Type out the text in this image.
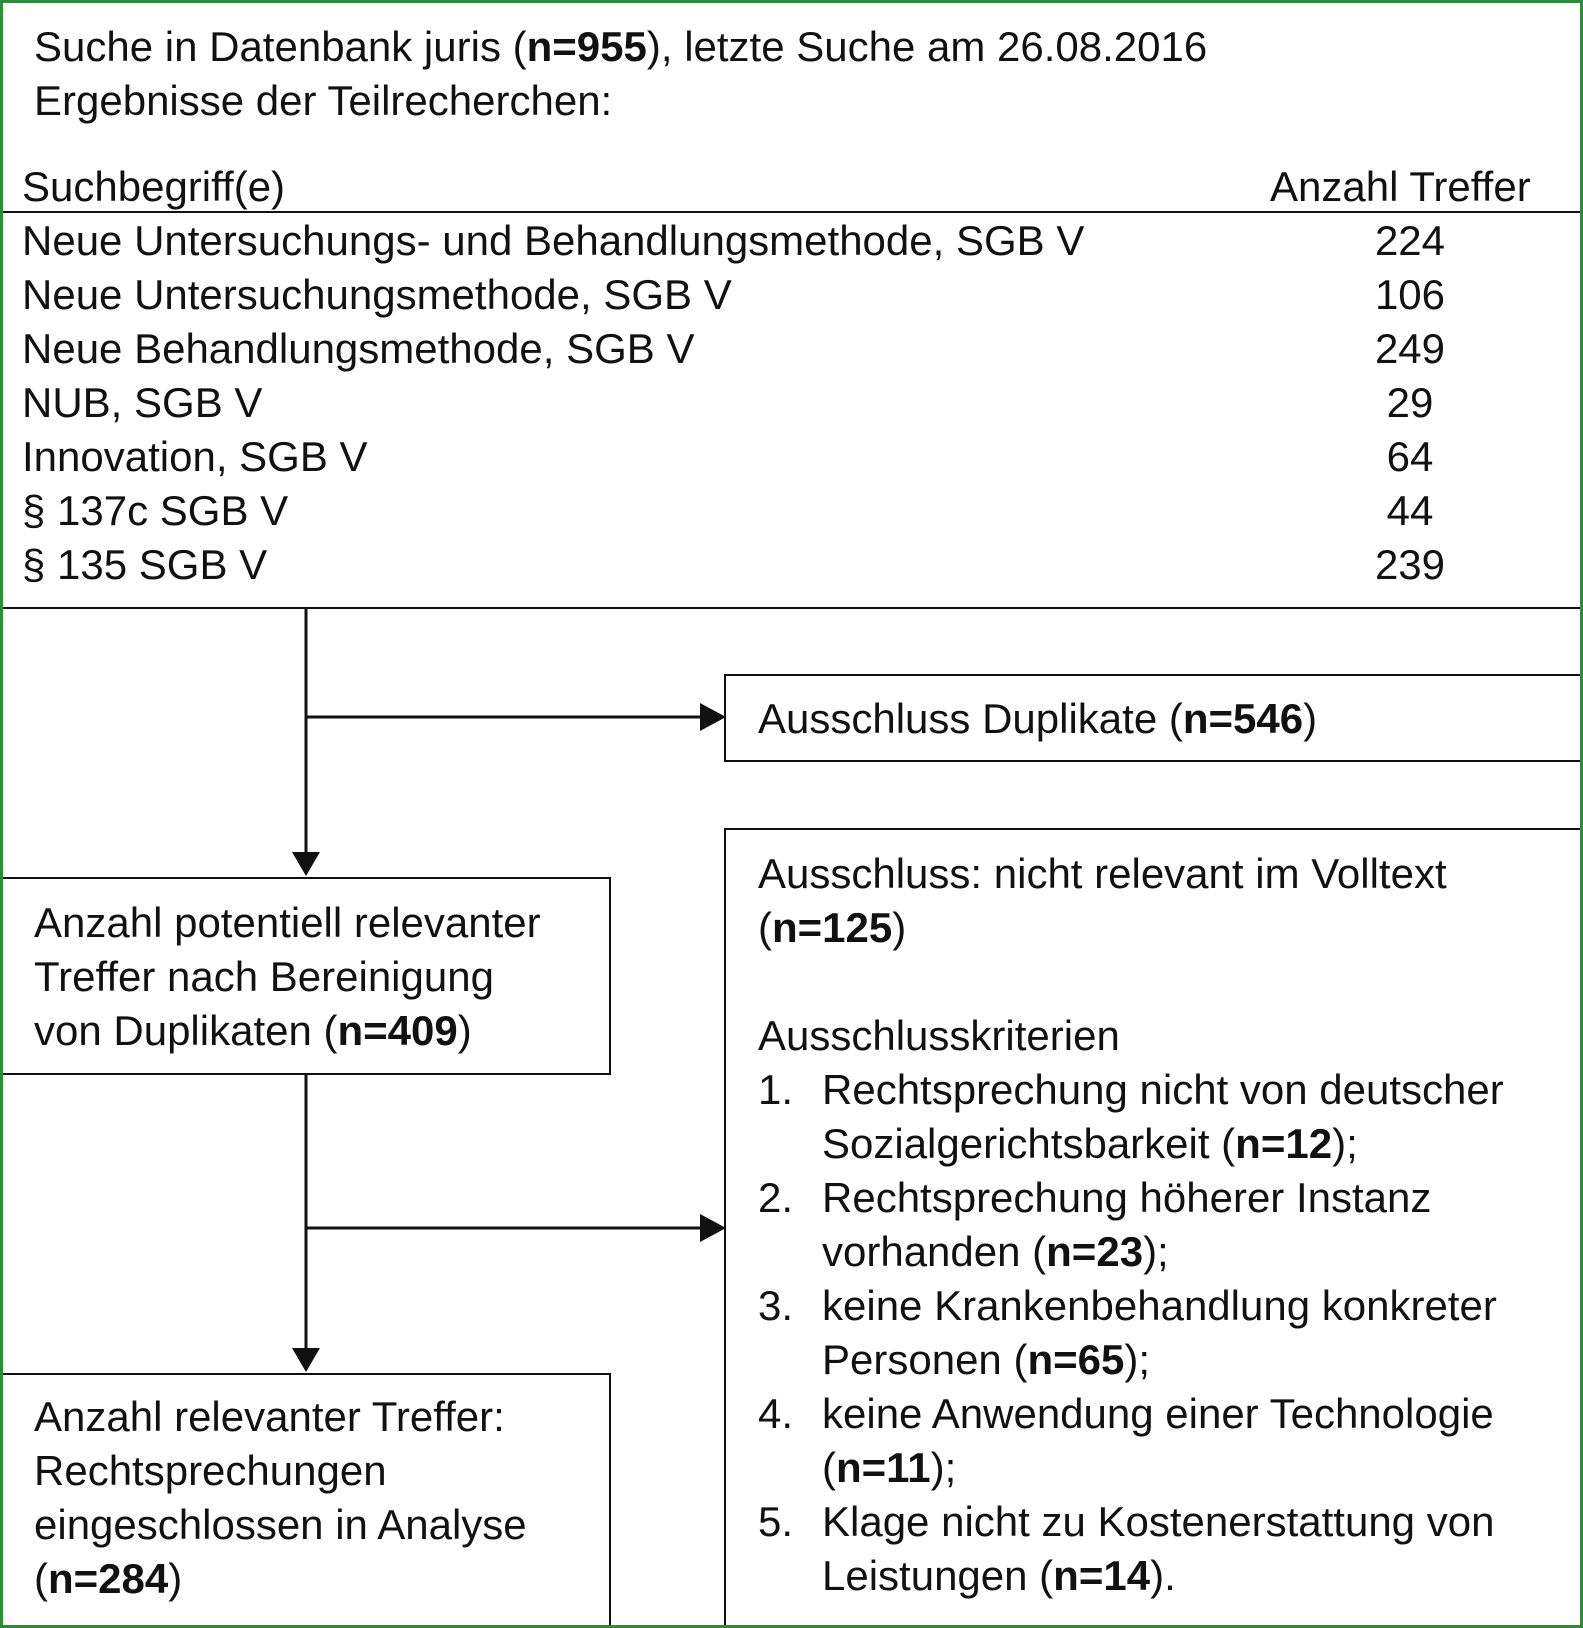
Suche in Datenbank juris (n=955), letzte Suche am 26.08.2016
Ergebnisse der Teilrecherchen:
Suchbegriff(e)	Anzahl Treffer
Neue Untersuchungs- und Behandlungsmethode, SGB V	224
Neue Untersuchungsmethode, SGB V	106
Neue Behandlungsmethode, SGB V	249
NUB, SGB V	29
Innovation, SGB V	64
§ 137c SGB V	44
§ 135 SGB V	239
Ausschluss Duplikate (n=546)
Anzahl potentiell relevanter
Treffer nach Bereinigung
von Duplikaten (n=409)
Anzahl relevanter Treffer:
Rechtsprechungen
eingeschlossen in Analyse
(n=284)
Ausschluss: nicht relevant im Volltext
(n=125)
Ausschlusskriterien
1. Rechtsprechung nicht von deutscher
Sozialgerichtsbarkeit (n=12);
2. Rechtsprechung höherer Instanz
vorhanden (n=23);
3. keine Krankenbehandlung konkreter
Personen (n=65);
4. keine Anwendung einer Technologie
(n=11);
5. Klage nicht zu Kostenerstattung von
Leistungen (n=14).
